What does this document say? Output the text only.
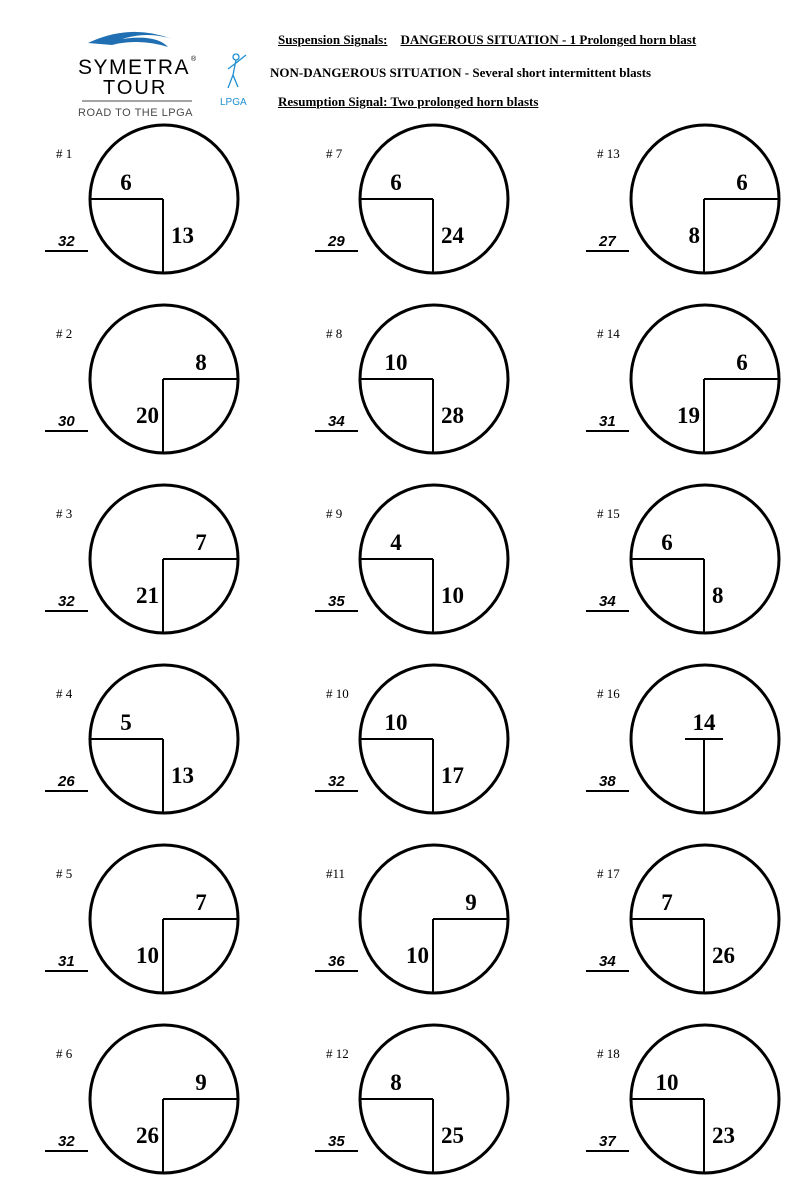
SYMETRA ®
TOUR
ROAD TO THE LPGA
LPGA
Suspension Signals: DANGEROUS SITUATION - 1 Prolonged horn blast
NON-DANGEROUS SITUATION - Several short intermittent blasts
Resumption Signal: Two prolonged horn blasts
# 1
6
13
32
# 2
8
20
30
# 3
7
21
32
# 4
5
13
26
# 5
7
10
31
# 6
9
26
32
# 7
6
24
29
# 8
10
28
34
# 9
4
10
35
# 10
10
17
32
#11
9
10
36
# 12
8
25
35
# 13
6
8
27
# 14
6
19
31
# 15
6
8
34
# 16
14
38
# 17
7
26
34
# 18
10
23
37
